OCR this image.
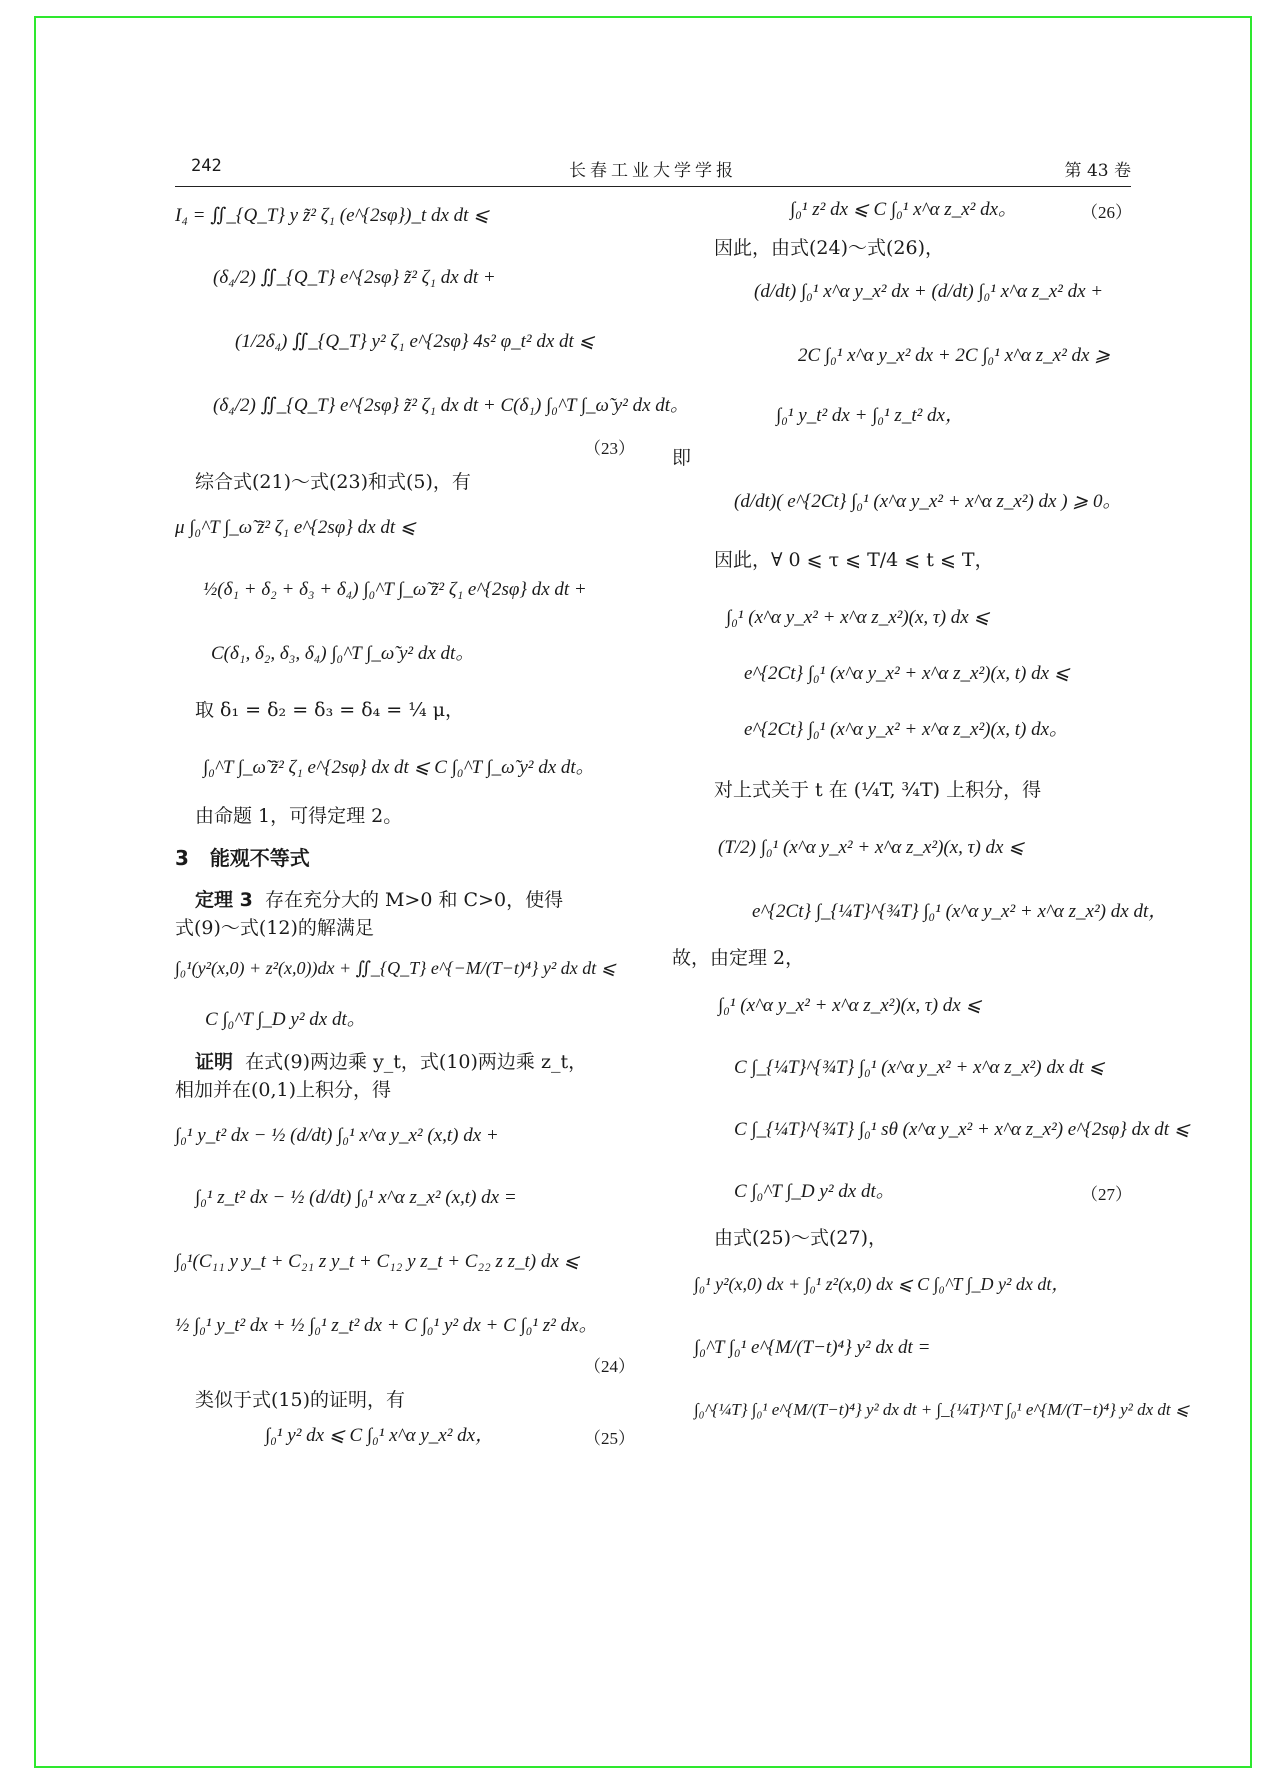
242	长春工业大学学报	第 43 卷
I₄ = ∬_{Q_T} y z̃² ζ₁ (e^{2sφ})_t dx dt ⩽
(δ₄/2) ∬_{Q_T} e^{2sφ} z̃² ζ₁ dx dt +
(1/2δ₄) ∬_{Q_T} y² ζ₁ e^{2sφ} 4s² φ_t² dx dt ⩽
(δ₄/2) ∬_{Q_T} e^{2sφ} z̃² ζ₁ dx dt + C(δ₁) ∫₀^T ∫_ω̃ y² dx dt。
（23）
综合式(21)～式(23)和式(5)，有
μ ∫₀^T ∫_ω̃ z̃² ζ₁ e^{2sφ} dx dt ⩽
½(δ₁ + δ₂ + δ₃ + δ₄) ∫₀^T ∫_ω̃ z̃² ζ₁ e^{2sφ} dx dt +
C(δ₁, δ₂, δ₃, δ₄) ∫₀^T ∫_ω̃ y² dx dt。
取 δ₁ = δ₂ = δ₃ = δ₄ = ¼ μ，
∫₀^T ∫_ω̃ z̃² ζ₁ e^{2sφ} dx dt ⩽ C ∫₀^T ∫_ω̃ y² dx dt。
由命题 1，可得定理 2。
3 能观不等式
定理 3 存在充分大的 M>0 和 C>0，使得
式(9)～式(12)的解满足
∫₀¹(y²(x,0) + z²(x,0))dx + ∬_{Q_T} e^{−M/(T−t)⁴} y² dx dt ⩽
C ∫₀^T ∫_D y² dx dt。
证明 在式(9)两边乘 y_t，式(10)两边乘 z_t，
相加并在(0,1)上积分，得
∫₀¹ y_t² dx − ½ (d/dt) ∫₀¹ x^α y_x² (x,t) dx +
∫₀¹ z_t² dx − ½ (d/dt) ∫₀¹ x^α z_x² (x,t) dx =
∫₀¹(C₁₁ y y_t + C₂₁ z y_t + C₁₂ y z_t + C₂₂ z z_t) dx ⩽
½ ∫₀¹ y_t² dx + ½ ∫₀¹ z_t² dx + C ∫₀¹ y² dx + C ∫₀¹ z² dx。
（24）
类似于式(15)的证明，有
∫₀¹ y² dx ⩽ C ∫₀¹ x^α y_x² dx，	（25）
∫₀¹ z² dx ⩽ C ∫₀¹ x^α z_x² dx。	（26）
因此，由式(24)～式(26)，
(d/dt) ∫₀¹ x^α y_x² dx + (d/dt) ∫₀¹ x^α z_x² dx +
2C ∫₀¹ x^α y_x² dx + 2C ∫₀¹ x^α z_x² dx ⩾
∫₀¹ y_t² dx + ∫₀¹ z_t² dx，
即
(d/dt)( e^{2Ct} ∫₀¹ (x^α y_x² + x^α z_x²) dx ) ⩾ 0。
因此，∀ 0 ⩽ τ ⩽ T/4 ⩽ t ⩽ T，
∫₀¹ (x^α y_x² + x^α z_x²)(x, τ) dx ⩽
e^{2Ct} ∫₀¹ (x^α y_x² + x^α z_x²)(x, t) dx ⩽
e^{2Ct} ∫₀¹ (x^α y_x² + x^α z_x²)(x, t) dx。
对上式关于 t 在 (¼T, ¾T) 上积分，得
(T/2) ∫₀¹ (x^α y_x² + x^α z_x²)(x, τ) dx ⩽
e^{2Ct} ∫_{¼T}^{¾T} ∫₀¹ (x^α y_x² + x^α z_x²) dx dt，
故，由定理 2，
∫₀¹ (x^α y_x² + x^α z_x²)(x, τ) dx ⩽
C ∫_{¼T}^{¾T} ∫₀¹ (x^α y_x² + x^α z_x²) dx dt ⩽
C ∫_{¼T}^{¾T} ∫₀¹ sθ (x^α y_x² + x^α z_x²) e^{2sφ} dx dt ⩽
C ∫₀^T ∫_D y² dx dt。	（27）
由式(25)～式(27)，
∫₀¹ y²(x,0) dx + ∫₀¹ z²(x,0) dx ⩽ C ∫₀^T ∫_D y² dx dt，
∫₀^T ∫₀¹ e^{M/(T−t)⁴} y² dx dt =
∫₀^{¼T} ∫₀¹ e^{M/(T−t)⁴} y² dx dt + ∫_{¼T}^T ∫₀¹ e^{M/(T−t)⁴} y² dx dt ⩽
